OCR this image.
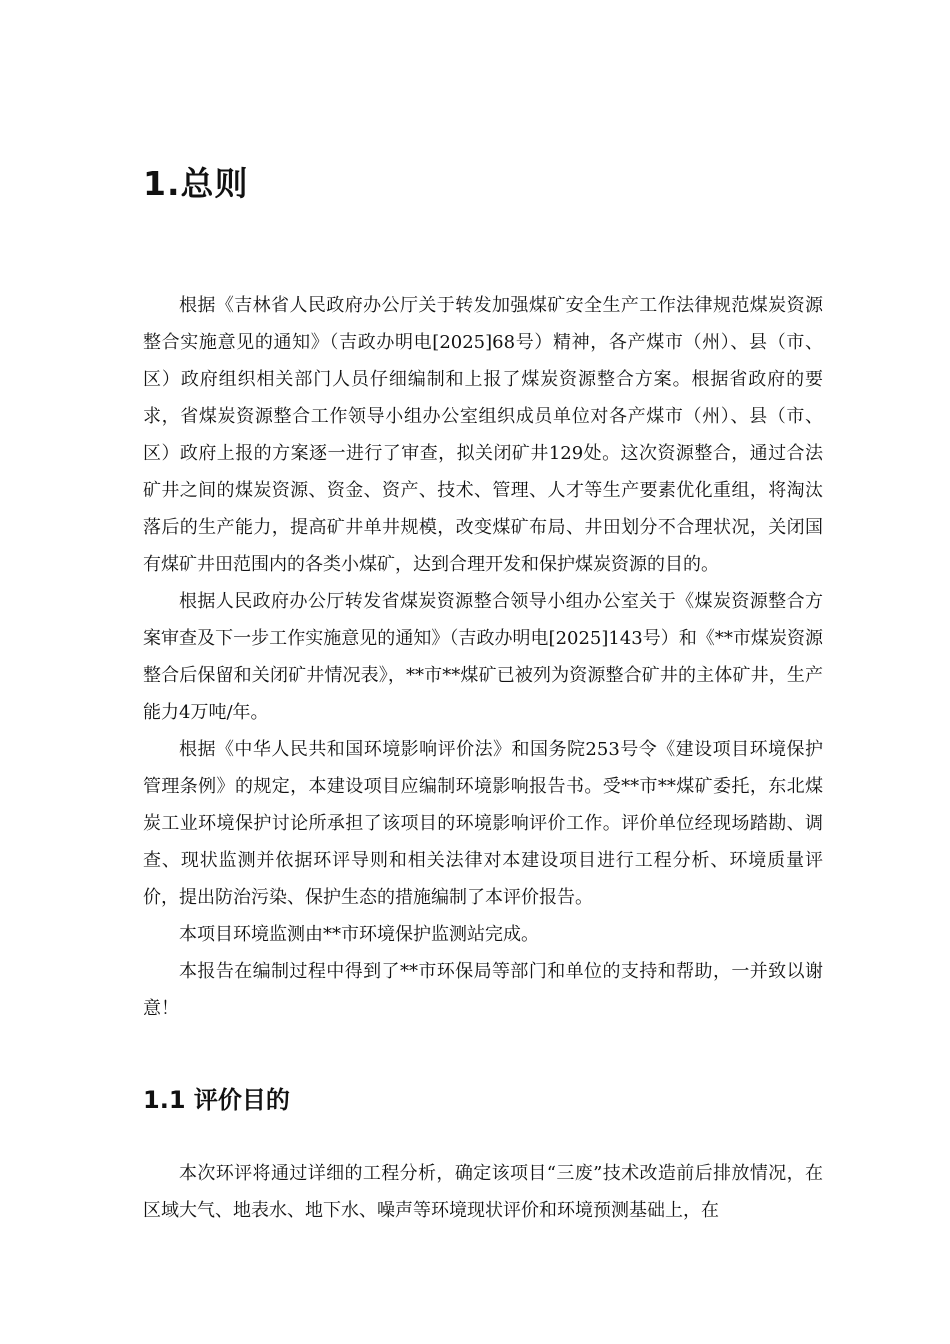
1.总则

根据《吉林省人民政府办公厅关于转发加强煤矿安全生产工作法律规范煤炭资源整合实施意见的通知》（吉政办明电[2025]68号）精神，各产煤市（州）、县（市、区）政府组织相关部门人员仔细编制和上报了煤炭资源整合方案。根据省政府的要求，省煤炭资源整合工作领导小组办公室组织成员单位对各产煤市（州）、县（市、区）政府上报的方案逐一进行了审查，拟关闭矿井129处。这次资源整合，通过合法矿井之间的煤炭资源、资金、资产、技术、管理、人才等生产要素优化重组，将淘汰落后的生产能力，提高矿井单井规模，改变煤矿布局、井田划分不合理状况，关闭国有煤矿井田范围内的各类小煤矿，达到合理开发和保护煤炭资源的目的。

根据人民政府办公厅转发省煤炭资源整合领导小组办公室关于《煤炭资源整合方案审查及下一步工作实施意见的通知》（吉政办明电[2025]143号）和《**市煤炭资源整合后保留和关闭矿井情况表》，**市**煤矿已被列为资源整合矿井的主体矿井，生产能力4万吨/年。

根据《中华人民共和国环境影响评价法》和国务院253号令《建设项目环境保护管理条例》的规定，本建设项目应编制环境影响报告书。受**市**煤矿委托，东北煤炭工业环境保护讨论所承担了该项目的环境影响评价工作。评价单位经现场踏勘、调查、现状监测并依据环评导则和相关法律对本建设项目进行工程分析、环境质量评价，提出防治污染、保护生态的措施编制了本评价报告。

本项目环境监测由**市环境保护监测站完成。

本报告在编制过程中得到了**市环保局等部门和单位的支持和帮助，一并致以谢意！

1.1 评价目的

本次环评将通过详细的工程分析，确定该项目“三废”技术改造前后排放情况，在区域大气、地表水、地下水、噪声等环境现状评价和环境预测基础上，在
